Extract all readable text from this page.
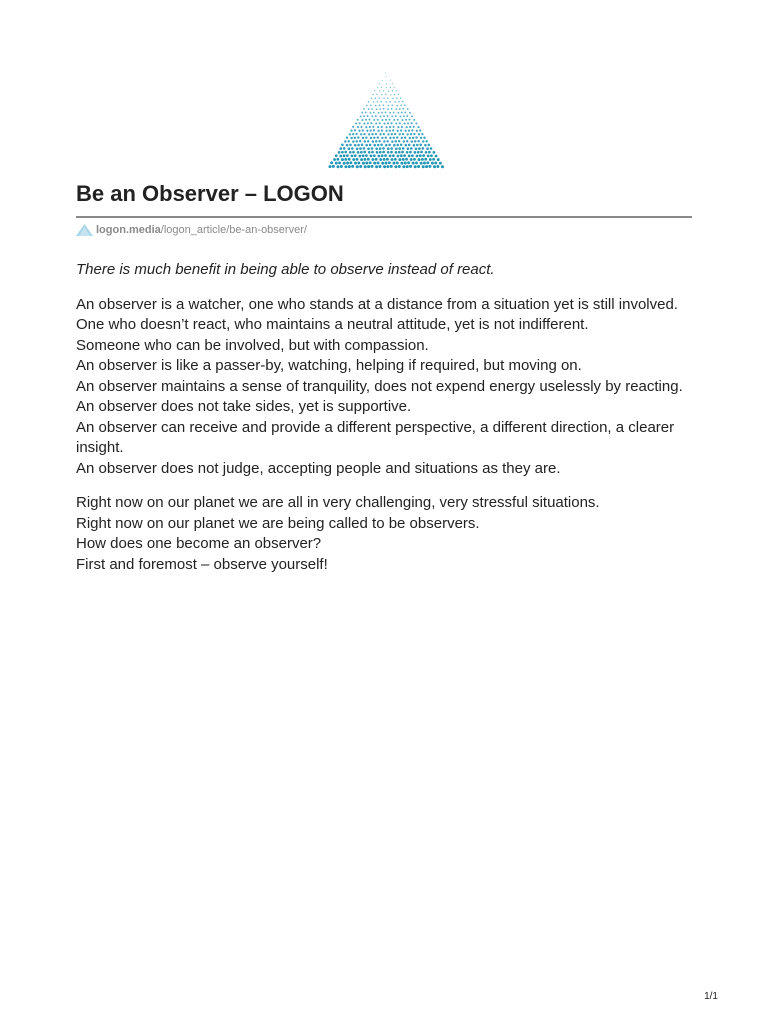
Be an Observer – LOGON
logon.media /logon_article/be-an-observer/

There is much benefit in being able to observe instead of react.

An observer is a watcher, one who stands at a distance from a situation yet is still involved.
One who doesn’t react, who maintains a neutral attitude, yet is not indifferent.
Someone who can be involved, but with compassion.
An observer is like a passer-by, watching, helping if required, but moving on.
An observer maintains a sense of tranquility, does not expend energy uselessly by reacting.
An observer does not take sides, yet is supportive.
An observer can receive and provide a different perspective, a different direction, a clearer insight.
An observer does not judge, accepting people and situations as they are.

Right now on our planet we are all in very challenging, very stressful situations.
Right now on our planet we are being called to be observers.
How does one become an observer?
First and foremost – observe yourself!

1/1
